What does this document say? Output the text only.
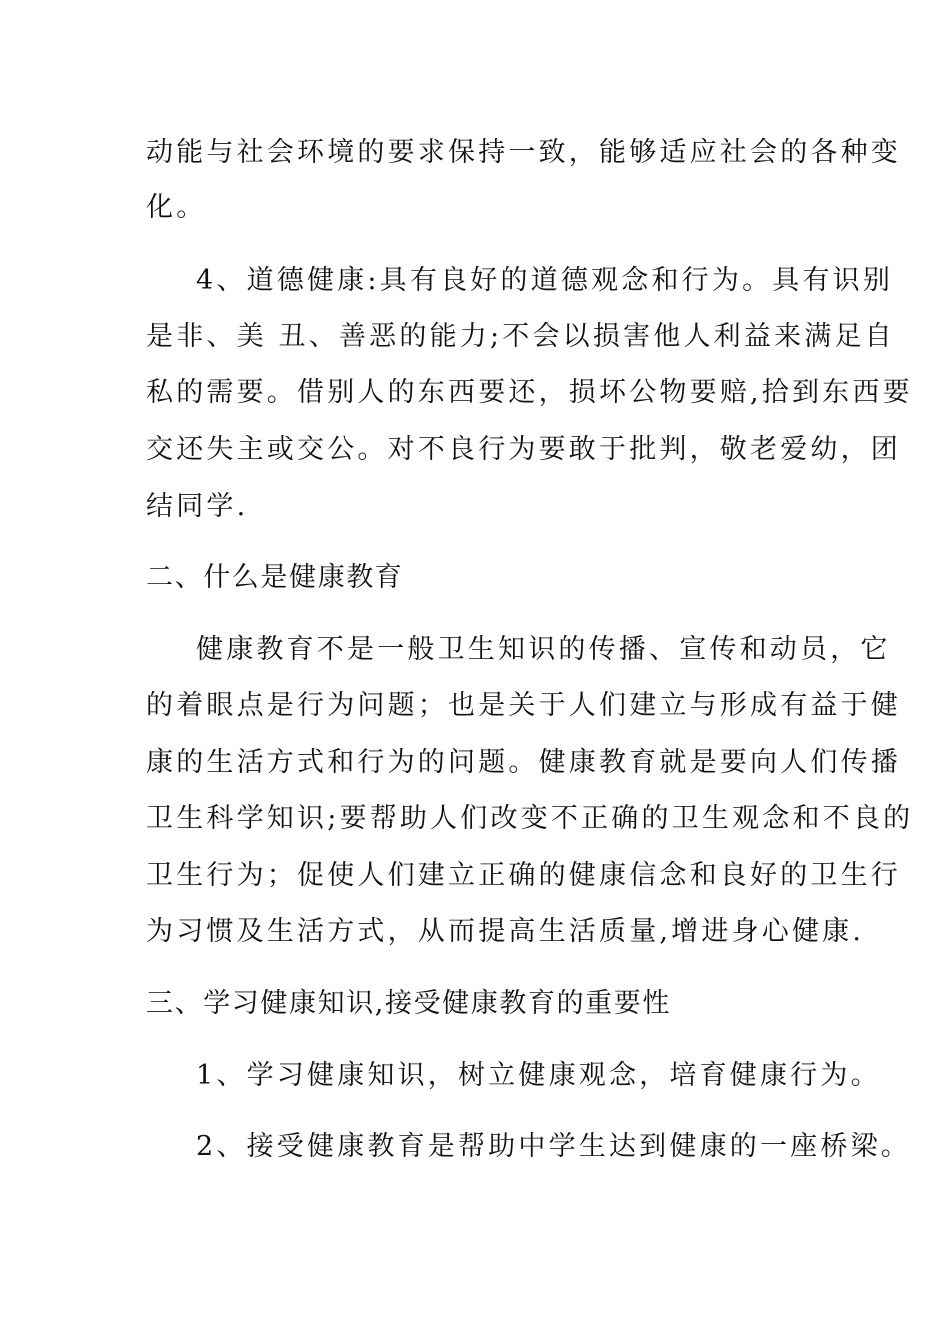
动能与社会环境的要求保持一致，能够适应社会的各种变
化。
4、道德健康:具有良好的道德观念和行为。具有识别
是非、美 丑、善恶的能力;不会以损害他人利益来满足自
私的需要。借别人的东西要还，损坏公物要赔,拾到东西要
交还失主或交公。对不良行为要敢于批判，敬老爱幼，团
结同学.
二、什么是健康教育
健康教育不是一般卫生知识的传播、宣传和动员，它
的着眼点是行为问题；也是关于人们建立与形成有益于健
康的生活方式和行为的问题。健康教育就是要向人们传播
卫生科学知识;要帮助人们改变不正确的卫生观念和不良的
卫生行为；促使人们建立正确的健康信念和良好的卫生行
为习惯及生活方式，从而提高生活质量,增进身心健康.
三、学习健康知识,接受健康教育的重要性
1、学习健康知识，树立健康观念，培育健康行为。
2、接受健康教育是帮助中学生达到健康的一座桥梁。
